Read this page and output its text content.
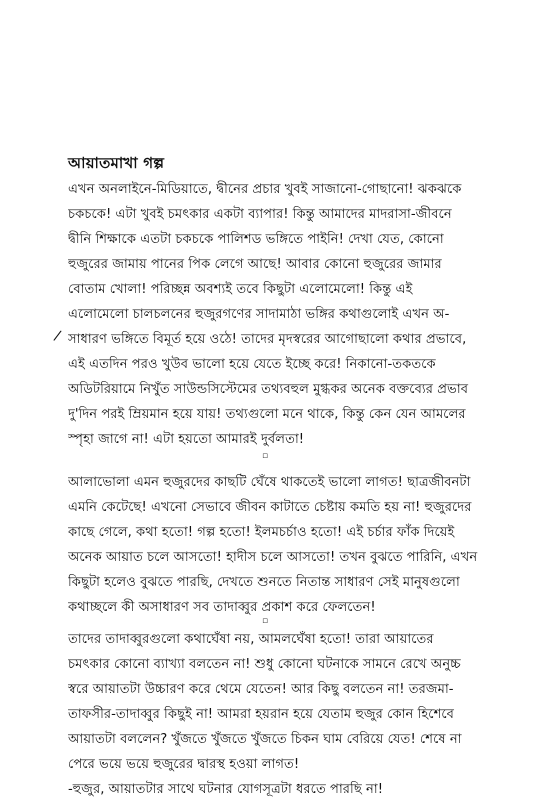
আয়াতমাখা গল্প
/
এখন অনলাইনে-মিডিয়াতে, দ্বীনের প্রচার খুবই সাজানো-গোছানো! ঝকঝকে
চকচকে! এটা খুবই চমৎকার একটা ব্যাপার! কিন্তু আমাদের মাদরাসা-জীবনে
দ্বীনি শিক্ষাকে এতটা চকচকে পালিশড ভঙ্গিতে পাইনি! দেখা যেত, কোনো
হুজুরের জামায় পানের পিক লেগে আছে! আবার কোনো হুজুরের জামার
বোতাম খোলা! পরিচ্ছন্ন অবশ্যই তবে কিছুটা এলোমেলো! কিন্তু এই
এলোমেলো চালচলনের হুজুরগণের সাদামাঠা ভঙ্গির কথাগুলোই এখন অ-
সাধারণ ভঙ্গিতে বিমূর্ত হয়ে ওঠে! তাদের মৃদস্বরের আগোছালো কথার প্রভাবে,
এই এতদিন পরও খুউব ভালো হয়ে যেতে ইচ্ছে করে! নিকানো-তকতকে
অডিটরিয়ামে নিখুঁত সাউন্ডসিস্টেমের তথ্যবহুল মুগ্ধকর অনেক বক্তব্যের প্রভাব
দু'দিন পরই ম্রিয়মান হয়ে যায়! তথ্যগুলো মনে থাকে, কিন্তু কেন যেন আমলের
স্পৃহা জাগে না! এটা হয়তো আমারই দুর্বলতা!
▫
আলাভোলা এমন হুজুরদের কাছটি ঘেঁষে থাকতেই ভালো লাগত! ছাত্রজীবনটা
এমনি কেটেছে! এখনো সেভাবে জীবন কাটাতে চেষ্টায় কমতি হয় না! হুজুরদের
কাছে গেলে, কথা হতো! গল্প হতো! ইলমচর্চাও হতো! এই চর্চার ফাঁক দিয়েই
অনেক আয়াত চলে আসতো! হাদীস চলে আসতো! তখন বুঝতে পারিনি, এখন
কিছুটা হলেও বুঝতে পারছি, দেখতে শুনতে নিতান্ত সাধারণ সেই মানুষগুলো
কথাচ্ছলে কী অসাধারণ সব তাদাব্বুর প্রকাশ করে ফেলতেন!
▫
তাদের তাদাব্বুরগুলো কথাঘেঁষা নয়, আমলঘেঁষা হতো! তারা আয়াতের
চমৎকার কোনো ব্যাখ্যা বলতেন না! শুধু কোনো ঘটনাকে সামনে রেখে অনুচ্চ
স্বরে আয়াতটা উচ্চারণ করে থেমে যেতেন! আর কিছু বলতেন না! তরজমা-
তাফসীর-তাদাব্বুর কিছুই না! আমরা হয়রান হয়ে যেতাম হুজুর কোন হিশেবে
আয়াতটা বললেন? খুঁজতে খুঁজতে খুঁজতে চিকন ঘাম বেরিয়ে যেত! শেষে না
পেরে ভয়ে ভয়ে হুজুরের দ্বারস্থ হওয়া লাগত!
-হুজুর, আয়াতটার সাথে ঘটনার যোগসূত্রটা ধরতে পারছি না!
